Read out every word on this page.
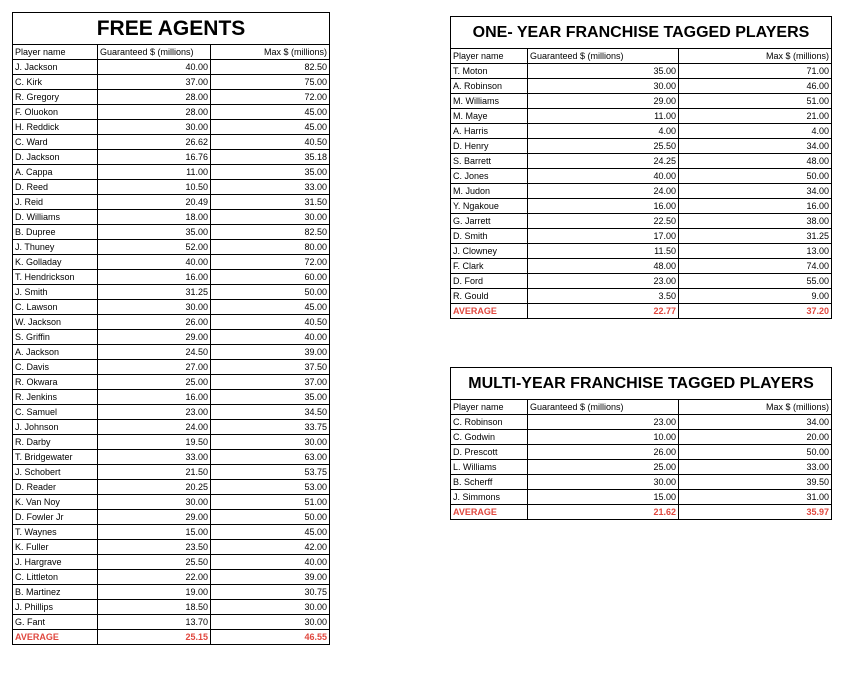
FREE AGENTS		
Player name	Guaranteed $ (millions)	Max $ (millions)
J. Jackson	40.00	82.50
C. Kirk	37.00	75.00
R. Gregory	28.00	72.00
F. Oluokon	28.00	45.00
H. Reddick	30.00	45.00
C. Ward	26.62	40.50
D. Jackson	16.76	35.18
A. Cappa	11.00	35.00
D. Reed	10.50	33.00
J. Reid	20.49	31.50
D. Williams	18.00	30.00
B. Dupree	35.00	82.50
J. Thuney	52.00	80.00
K. Golladay	40.00	72.00
T. Hendrickson	16.00	60.00
J. Smith	31.25	50.00
C. Lawson	30.00	45.00
W. Jackson	26.00	40.50
S. Griffin	29.00	40.00
A. Jackson	24.50	39.00
C. Davis	27.00	37.50
R. Okwara	25.00	37.00
R. Jenkins	16.00	35.00
C. Samuel	23.00	34.50
J. Johnson	24.00	33.75
R. Darby	19.50	30.00
T. Bridgewater	33.00	63.00
J. Schobert	21.50	53.75
D. Reader	20.25	53.00
K. Van Noy	30.00	51.00
D. Fowler Jr	29.00	50.00
T. Waynes	15.00	45.00
K. Fuller	23.50	42.00
J. Hargrave	25.50	40.00
C. Littleton	22.00	39.00
B. Martinez	19.00	30.75
J. Phillips	18.50	30.00
G. Fant	13.70	30.00
AVERAGE	25.15	46.55
ONE- YEAR FRANCHISE TAGGED PLAYERS		
Player name	Guaranteed $ (millions)	Max $ (millions)
T. Moton	35.00	71.00
A. Robinson	30.00	46.00
M. Williams	29.00	51.00
M. Maye	11.00	21.00
A. Harris	4.00	4.00
D. Henry	25.50	34.00
S. Barrett	24.25	48.00
C. Jones	40.00	50.00
M. Judon	24.00	34.00
Y. Ngakoue	16.00	16.00
G. Jarrett	22.50	38.00
D. Smith	17.00	31.25
J. Clowney	11.50	13.00
F. Clark	48.00	74.00
D. Ford	23.00	55.00
R. Gould	3.50	9.00
AVERAGE	22.77	37.20
MULTI-YEAR FRANCHISE TAGGED PLAYERS		
Player name	Guaranteed $ (millions)	Max $ (millions)
C. Robinson	23.00	34.00
C. Godwin	10.00	20.00
D. Prescott	26.00	50.00
L. Williams	25.00	33.00
B. Scherff	30.00	39.50
J. Simmons	15.00	31.00
AVERAGE	21.62	35.97
